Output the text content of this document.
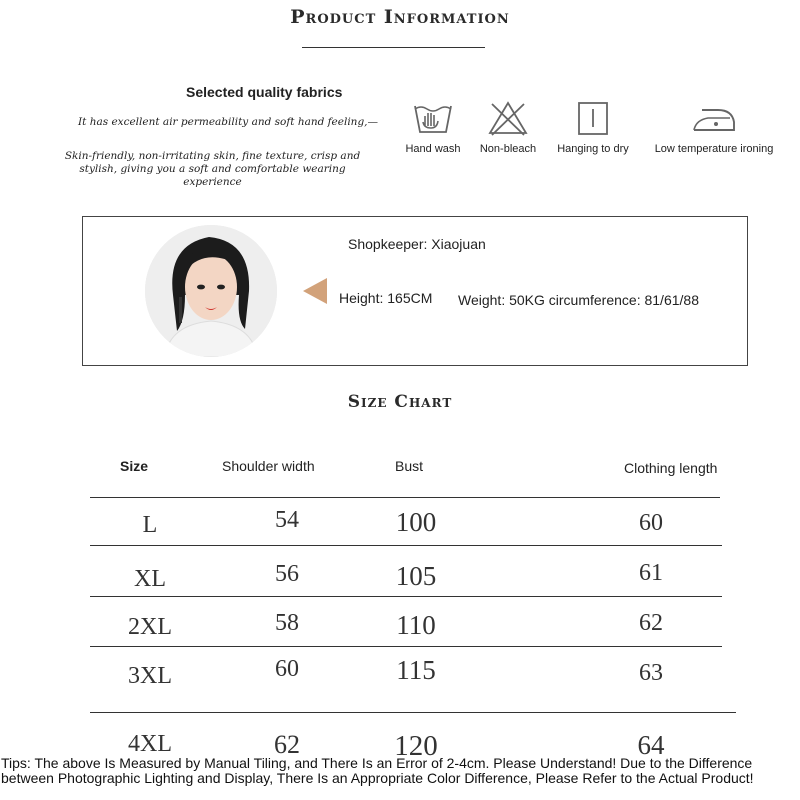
Product Information
Selected quality fabrics
It has excellent air permeability and soft hand feeling,—
Skin-friendly, non-irritating skin, fine texture, crisp and stylish, giving you a soft and comfortable wearing experience
Hand wash	Non-bleach	Hanging to dry	Low temperature ironing
Shopkeeper: Xiaojuan
Height: 165CM Weight: 50KG circumference: 81/61/88
Size Chart
Size	Shoulder width	Bust	Clothing length
L	54	100	60
XL	56	105	61
2XL	58	110	62
3XL	60	115	63
4XL	62	120	64
Tips: The above Is Measured by Manual Tiling, and There Is an Error of 2-4cm. Please Understand! Due to the Difference between Photographic Lighting and Display, There Is an Appropriate Color Difference, Please Refer to the Actual Product!
